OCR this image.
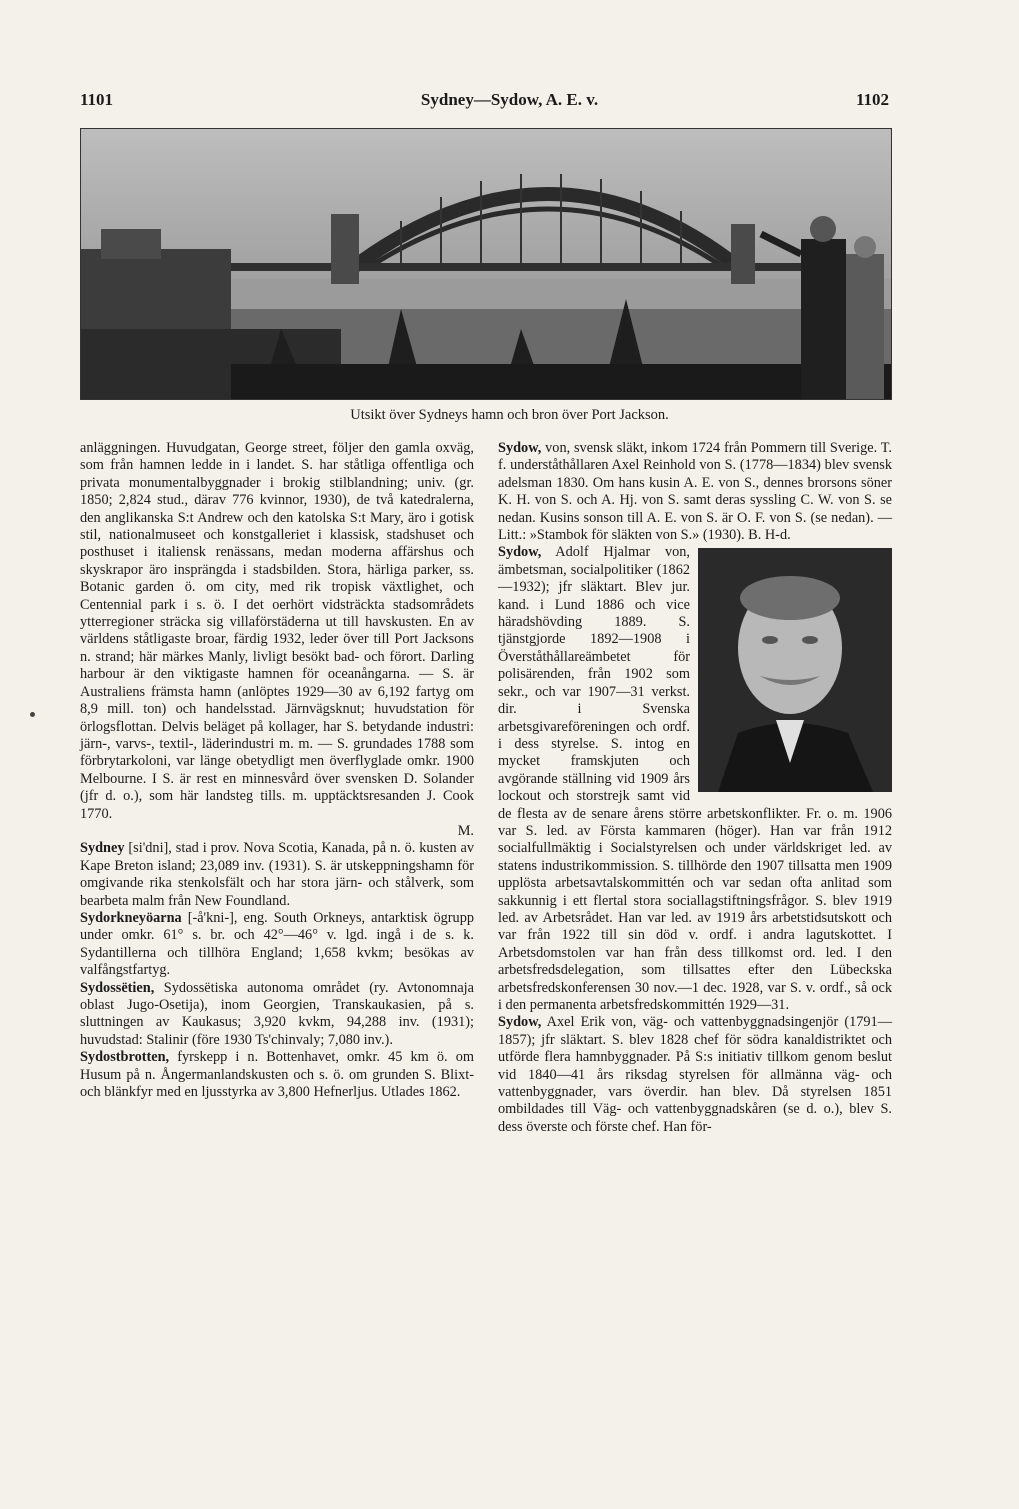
1101	Sydney—Sydow, A. E. v.	1102
Utsikt över Sydneys hamn och bron över Port Jackson.

anläggningen. Huvudgatan, George street, följer den gamla oxväg, som från hamnen ledde in i landet. S. har ståtliga offentliga och privata monumentalbyggnader i brokig stilblandning; univ. (gr. 1850; 2,824 stud., därav 776 kvinnor, 1930), de två katedralerna, den anglikanska S:t Andrew och den katolska S:t Mary, äro i gotisk stil, nationalmuseet och konstgalleriet i klassisk, stadshuset och posthuset i italiensk renässans, medan moderna affärshus och skyskrapor äro insprängda i stadsbilden. Stora, härliga parker, ss. Botanic garden ö. om city, med rik tropisk växtlighet, och Centennial park i s. ö. I det oerhört vidsträckta stadsområdets ytterregioner sträcka sig villaförstäderna ut till havskusten. En av världens ståtligaste broar, färdig 1932, leder över till Port Jacksons n. strand; här märkes Manly, livligt besökt bad- och förort. Darling harbour är den viktigaste hamnen för oceanångarna. — S. är Australiens främsta hamn (anlöptes 1929—30 av 6,192 fartyg om 8,9 mill. ton) och handelsstad. Järnvägsknut; huvudstation för örlogsflottan. Delvis beläget på kollager, har S. betydande industri: järn-, varvs-, textil-, läderindustri m. m. — S. grundades 1788 som förbrytarkoloni, var länge obetydligt men överflyglade omkr. 1900 Melbourne. I S. är rest en minnesvård över svensken D. Solander (jfr d. o.), som här landsteg tills. m. upptäcktsresanden J. Cook 1770.

M.

Sydney [si'dni], stad i prov. Nova Scotia, Kanada, på n. ö. kusten av Kape Breton island; 23,089 inv. (1931). S. är utskeppningshamn för omgivande rika stenkolsfält och har stora järn- och stålverk, som bearbeta malm från New Foundland.

Sydorkneyöarna [-å'kni-], eng. South Orkneys, antarktisk ögrupp under omkr. 61° s. br. och 42°—46° v. lgd. ingå i de s. k. Sydantillerna och tillhöra England; 1,658 kvkm; besökas av valfångstfartyg.

Sydossëtien, Sydossëtiska autonoma området (ry. Avtonomnaja oblast Jugo-Osetija), inom Georgien, Transkaukasien, på s. sluttningen av Kaukasus; 3,920 kvkm, 94,288 inv. (1931); huvudstad: Stalinir (före 1930 Ts'chinvaly; 7,080 inv.).

Sydostbrotten, fyrskepp i n. Bottenhavet, omkr. 45 km ö. om Husum på n. Ångermanlandskusten och s. ö. om grunden S. Blixt- och blänkfyr med en ljusstyrka av 3,800 Hefnerljus. Utlades 1862.

Sydow, von, svensk släkt, inkom 1724 från Pommern till Sverige. T. f. underståthållaren Axel Reinhold von S. (1778—1834) blev svensk adelsman 1830. Om hans kusin A. E. von S., dennes brorsons söner K. H. von S. och A. Hj. von S. samt deras syssling C. W. von S. se nedan. Kusins sonson till A. E. von S. är O. F. von S. (se nedan). — Litt.: »Stambok för släkten von S.» (1930). B. H-d.

Sydow, Adolf Hjalmar von, ämbetsman, socialpolitiker (1862—1932); jfr släktart. Blev jur. kand. i Lund 1886 och vice häradshövding 1889. S. tjänstgjorde 1892—1908 i Överståthållareämbetet för polisärenden, från 1902 som sekr., och var 1907—31 verkst. dir. i Svenska arbetsgivareföreningen och ordf. i dess styrelse. S. intog en mycket framskjuten och avgörande ställning vid 1909 års lockout och storstrejk samt vid de flesta av de senare årens större arbetskonflikter. Fr. o. m. 1906 var S. led. av Första kammaren (höger). Han var från 1912 socialfullmäktig i Socialstyrelsen och under världskriget led. av statens industrikommission. S. tillhörde den 1907 tillsatta men 1909 upplösta arbetsavtalskommittén och var sedan ofta anlitad som sakkunnig i ett flertal stora sociallagstiftningsfrågor. S. blev 1919 led. av Arbetsrådet. Han var led. av 1919 års arbetstidsutskott och var från 1922 till sin död v. ordf. i andra lagutskottet. I Arbetsdomstolen var han från dess tillkomst ord. led. I den arbetsfredsdelegation, som tillsattes efter den Lübeckska arbetsfredskonferensen 30 nov.—1 dec. 1928, var S. v. ordf., så ock i den permanenta arbetsfredskommittén 1929—31.

Sydow, Axel Erik von, väg- och vattenbyggnadsingenjör (1791—1857); jfr släktart. S. blev 1828 chef för södra kanaldistriktet och utförde flera hamnbyggnader. På S:s initiativ tillkom genom beslut vid 1840—41 års riksdag styrelsen för allmänna väg- och vattenbyggnader, vars överdir. han blev. Då styrelsen 1851 ombildades till Väg- och vattenbyggnadskåren (se d. o.), blev S. dess överste och förste chef. Han för-
